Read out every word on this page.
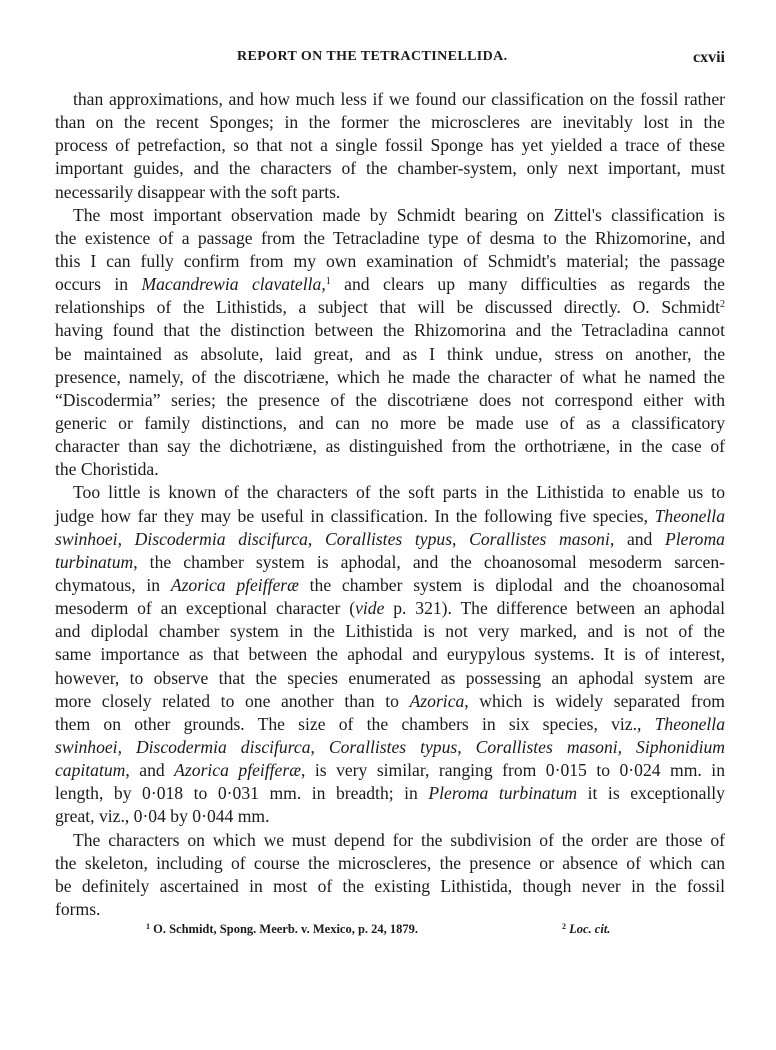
REPORT ON THE TETRACTINELLIDA.	cxvii
than approximations, and how much less if we found our classification on the fossil rather
than on the recent Sponges; in the former the microscleres are inevitably lost in the
process of petrefaction, so that not a single fossil Sponge has yet yielded a trace of these
important guides, and the characters of the chamber-system, only next important, must
necessarily disappear with the soft parts.
The most important observation made by Schmidt bearing on Zittel's classification is
the existence of a passage from the Tetracladine type of desma to the Rhizomorine, and
this I can fully confirm from my own examination of Schmidt's material; the passage
occurs in Macandrewia clavatella,$^1$ and clears up many difficulties as regards the
relationships of the Lithistids, a subject that will be discussed directly. O. Schmidt$^2$
having found that the distinction between the Rhizomorina and the Tetracladina cannot
be maintained as absolute, laid great, and as I think undue, stress on another, the
presence, namely, of the discotriæne, which he made the character of what he named the
“Discodermia” series; the presence of the discotriæne does not correspond either with
generic or family distinctions, and can no more be made use of as a classificatory
character than say the dichotriæne, as distinguished from the orthotriæne, in the case of
the Choristida.
Too little is known of the characters of the soft parts in the Lithistida to enable us to
judge how far they may be useful in classification. In the following five species, Theonella
swinhoei, Discodermia discifurca, Corallistes typus, Corallistes masoni, and Pleroma
turbinatum, the chamber system is aphodal, and the choanosomal mesoderm sarcen-
chymatous, in Azorica pfeifferæ the chamber system is diplodal and the choanosomal
mesoderm of an exceptional character (vide p. 321). The difference between an aphodal
and diplodal chamber system in the Lithistida is not very marked, and is not of the
same importance as that between the aphodal and eurypylous systems. It is of interest,
however, to observe that the species enumerated as possessing an aphodal system are
more closely related to one another than to Azorica, which is widely separated from
them on other grounds. The size of the chambers in six species, viz., Theonella
swinhoei, Discodermia discifurca, Corallistes typus, Corallistes masoni, Siphonidium
capitatum, and Azorica pfeifferæ, is very similar, ranging from 0·015 to 0·024 mm. in
length, by 0·018 to 0·031 mm. in breadth; in Pleroma turbinatum it is exceptionally
great, viz., 0·04 by 0·044 mm.
The characters on which we must depend for the subdivision of the order are those of
the skeleton, including of course the microscleres, the presence or absence of which can
be definitely ascertained in most of the existing Lithistida, though never in the fossil
forms.
$^1$ O. Schmidt, Spong. Meerb. v. Mexico, p. 24, 1879.	$^2$ Loc. cit.
